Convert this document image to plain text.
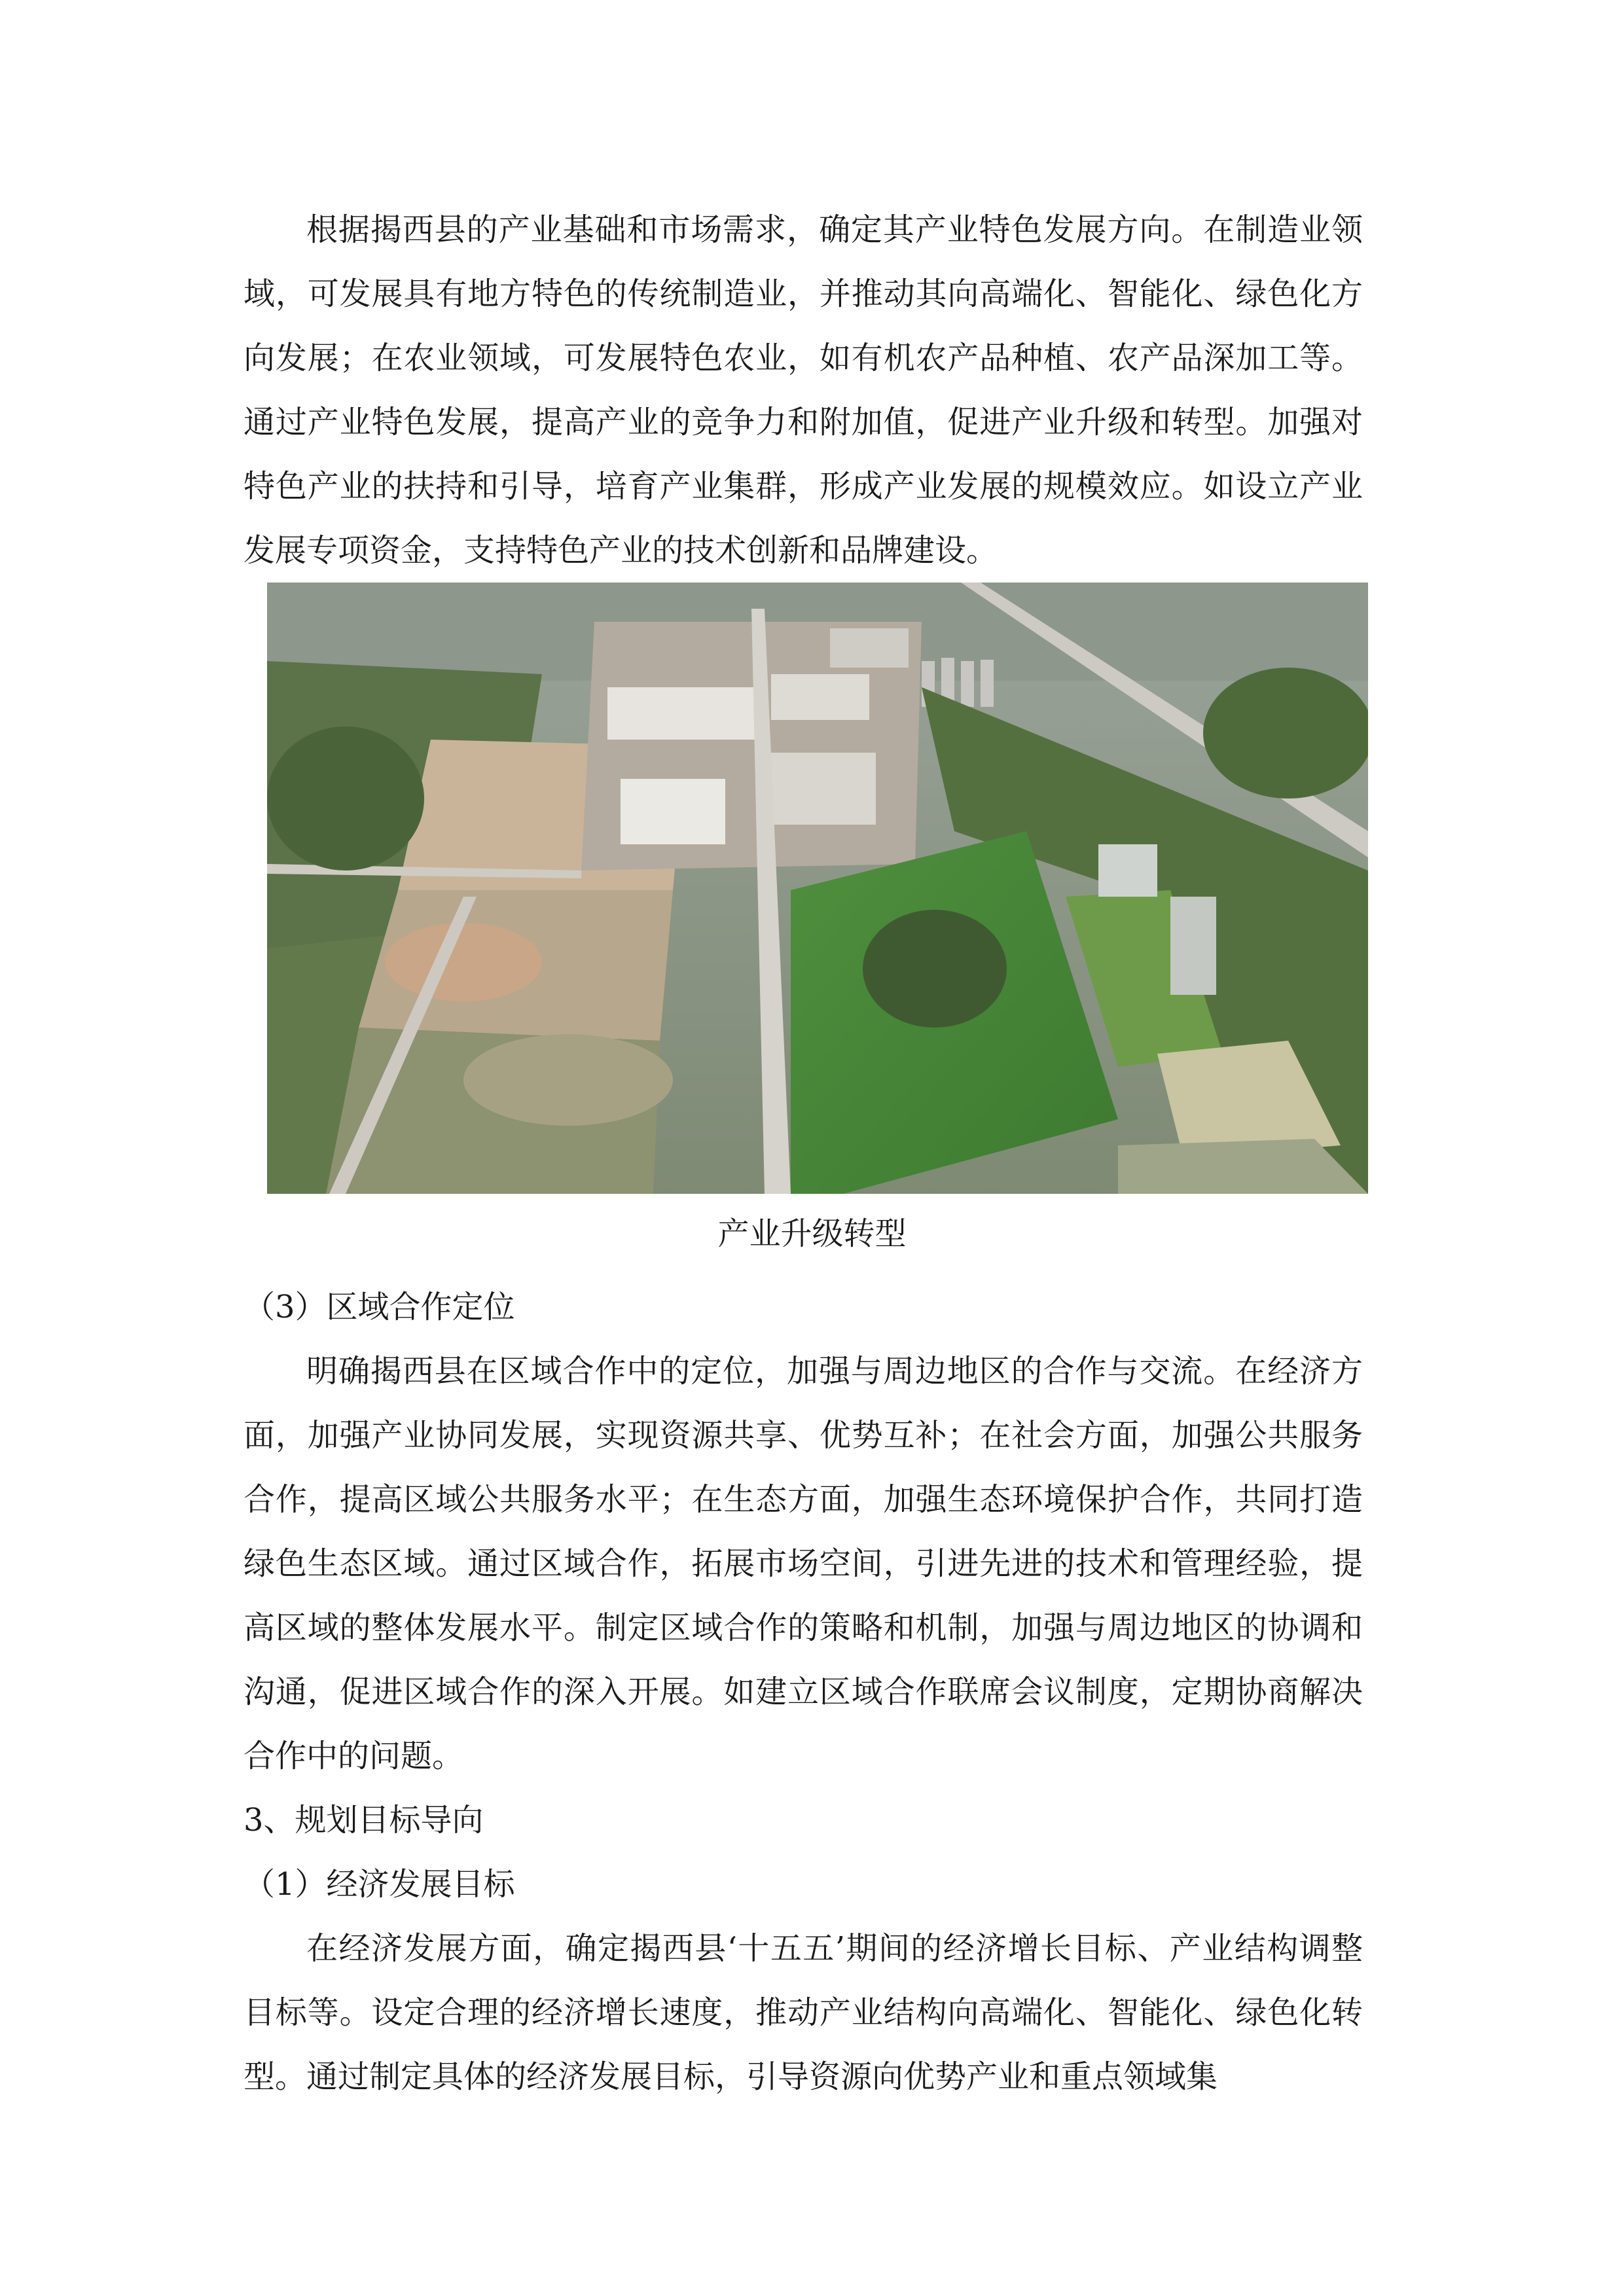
根据揭西县的产业基础和市场需求，确定其产业特色发展方向。在制造业领域，可发展具有地方特色的传统制造业，并推动其向高端化、智能化、绿色化方向发展；在农业领域，可发展特色农业，如有机农产品种植、农产品深加工等。通过产业特色发展，提高产业的竞争力和附加值，促进产业升级和转型。加强对特色产业的扶持和引导，培育产业集群，形成产业发展的规模效应。如设立产业发展专项资金，支持特色产业的技术创新和品牌建设。

产业升级转型

（3）区域合作定位

明确揭西县在区域合作中的定位，加强与周边地区的合作与交流。在经济方面，加强产业协同发展，实现资源共享、优势互补；在社会方面，加强公共服务合作，提高区域公共服务水平；在生态方面，加强生态环境保护合作，共同打造绿色生态区域。通过区域合作，拓展市场空间，引进先进的技术和管理经验，提高区域的整体发展水平。制定区域合作的策略和机制，加强与周边地区的协调和沟通，促进区域合作的深入开展。如建立区域合作联席会议制度，定期协商解决合作中的问题。

3、规划目标导向

（1）经济发展目标

在经济发展方面，确定揭西县‘十五五’期间的经济增长目标、产业结构调整目标等。设定合理的经济增长速度，推动产业结构向高端化、智能化、绿色化转型。通过制定具体的经济发展目标，引导资源向优势产业和重点领域集
